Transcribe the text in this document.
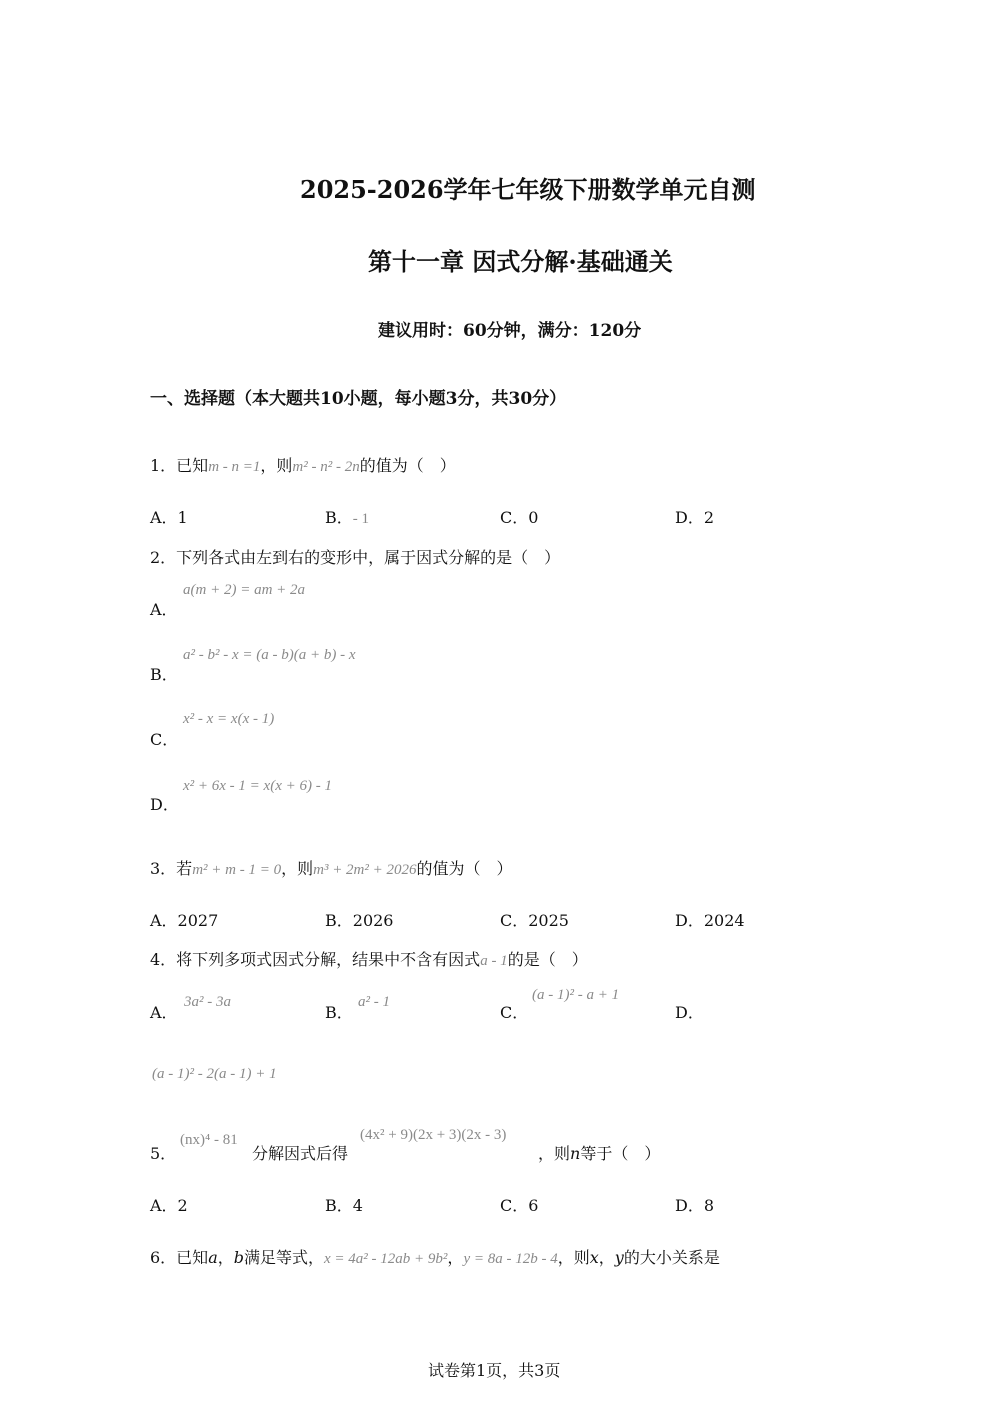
2025-2026学年七年级下册数学单元自测
第十一章 因式分解·基础通关
建议用时：60分钟，满分：120分
一、选择题（本大题共10小题，每小题3分，共30分）
1．已知m - n =1，则m² - n² - 2n的值为（　）
A．1	B．- 1	C．0	D．2
2．下列各式由左到右的变形中，属于因式分解的是（　）
A．
a(m + 2) = am + 2a
B．
a² - b² - x = (a - b)(a + b) - x
C．
x² - x = x(x - 1)
D．
x² + 6x - 1 = x(x + 6) - 1
3．若m² + m - 1 = 0，则m³ + 2m² + 2026的值为（　）
A．2027	B．2026	C．2025	D．2024
4．将下列多项式因式分解，结果中不含有因式a - 1的是（　）
A．
3a² - 3a
B．
a² - 1
C．
(a - 1)² - a + 1
D．
(a - 1)² - 2(a - 1) + 1
5．
(nx)⁴ - 81
分解因式后得
(4x² + 9)(2x + 3)(2x - 3)
，则n等于（　）
A．2	B．4	C．6	D．8
6．已知a，b满足等式，x = 4a² - 12ab + 9b²，y = 8a - 12b - 4，则x，y的大小关系是
试卷第1页，共3页
